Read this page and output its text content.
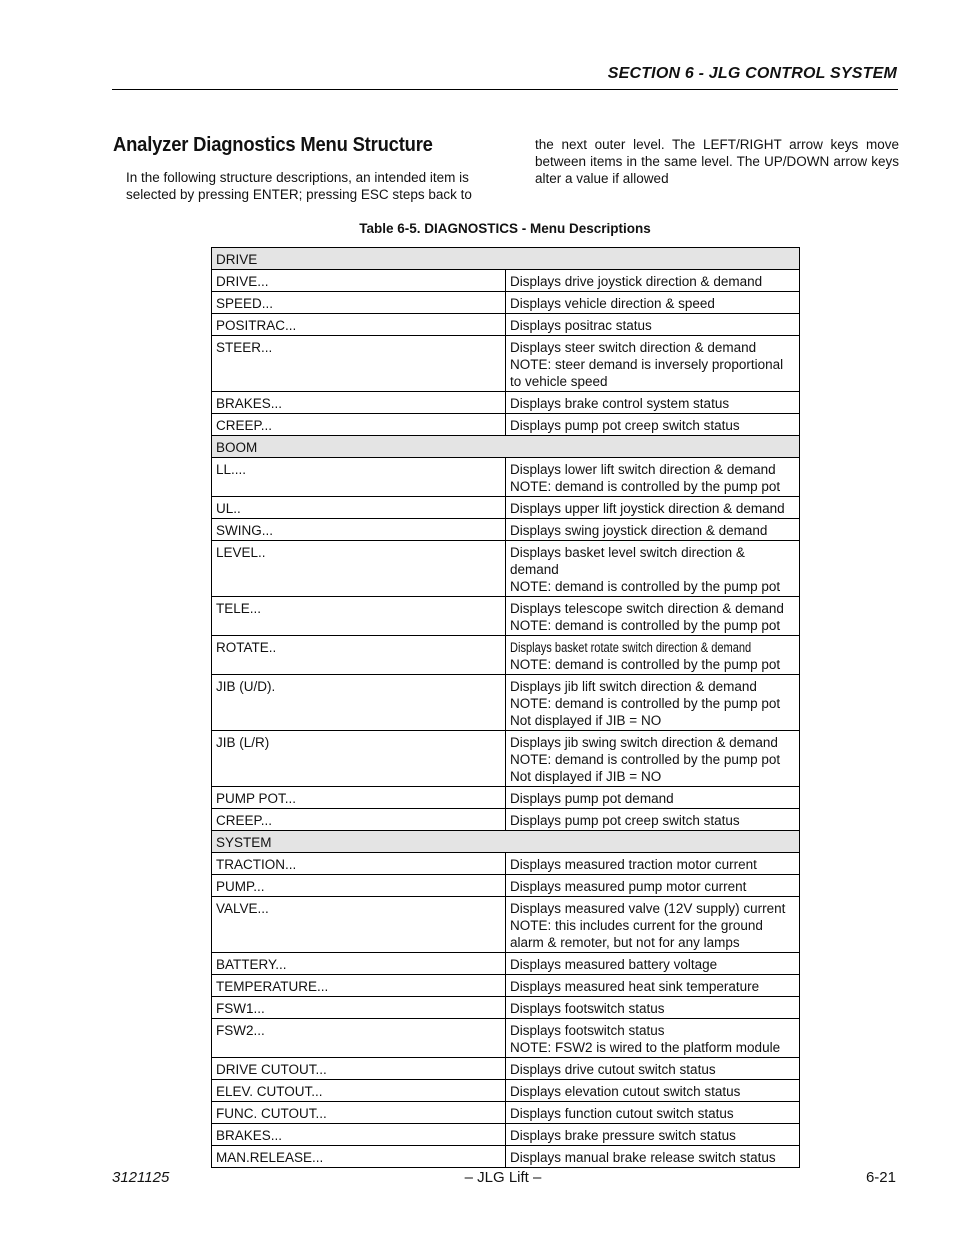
SECTION 6 - JLG CONTROL SYSTEM
Analyzer Diagnostics Menu Structure
In the following structure descriptions, an intended item is selected by pressing ENTER; pressing ESC steps back to
the next outer level. The LEFT/RIGHT arrow keys move between items in the same level. The UP/DOWN arrow keys alter a value if allowed
Table 6-5. DIAGNOSTICS - Menu Descriptions
DRIVE	
DRIVE...	Displays drive joystick direction & demand
SPEED...	Displays vehicle direction & speed
POSITRAC...	Displays positrac status
STEER...	Displays steer switch direction & demand
NOTE: steer demand is inversely proportional to vehicle speed

BRAKES...	Displays brake control system status
CREEP...	Displays pump pot creep switch status
BOOM	
LL....	Displays lower lift switch direction & demand
NOTE: demand is controlled by the pump pot

UL..	Displays upper lift joystick direction & demand
SWING...	Displays swing joystick direction & demand
LEVEL..	Displays basket level switch direction & demand
NOTE: demand is controlled by the pump pot

TELE...	Displays telescope switch direction & demand
NOTE: demand is controlled by the pump pot

ROTATE..	Displays basket rotate switch direction & demand
NOTE: demand is controlled by the pump pot

JIB (U/D).	Displays jib lift switch direction & demand
NOTE: demand is controlled by the pump pot Not displayed if JIB = NO

JIB (L/R)	Displays jib swing switch direction & demand
NOTE: demand is controlled by the pump pot Not displayed if JIB = NO

PUMP POT...	Displays pump pot demand
CREEP...	Displays pump pot creep switch status
SYSTEM	
TRACTION...	Displays measured traction motor current
PUMP...	Displays measured pump motor current
VALVE...	Displays measured valve (12V supply) current
NOTE: this includes current for the ground alarm & remoter, but not for any lamps

BATTERY...	Displays measured battery voltage
TEMPERATURE...	Displays measured heat sink temperature
FSW1...	Displays footswitch status
FSW2...	Displays footswitch status
NOTE: FSW2 is wired to the platform module

DRIVE CUTOUT...	Displays drive cutout switch status
ELEV. CUTOUT...	Displays elevation cutout switch status
FUNC. CUTOUT...	Displays function cutout switch status
BRAKES...	Displays brake pressure switch status
MAN.RELEASE...	Displays manual brake release switch status
3121125	– JLG Lift –	6-21
